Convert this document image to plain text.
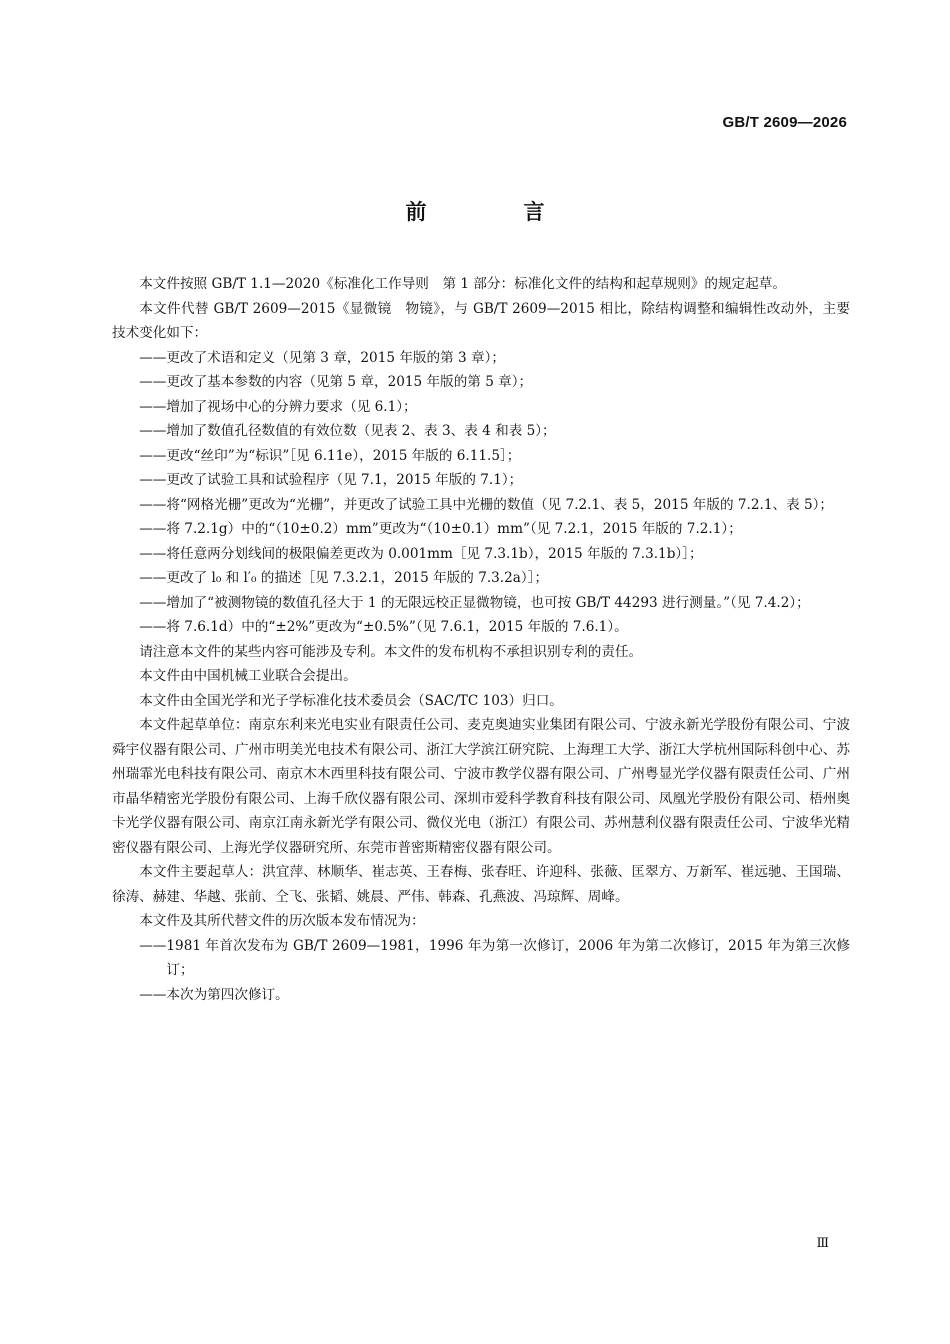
GB/T 2609—2026
前　言

本文件按照 GB/T 1.1—2020《标准化工作导则　第 1 部分：标准化文件的结构和起草规则》的规定起草。

本文件代替 GB/T 2609—2015《显微镜　物镜》，与 GB/T 2609—2015 相比，除结构调整和编辑性改动外，主要技术变化如下：

——更改了术语和定义（见第 3 章，2015 年版的第 3 章）；

——更改了基本参数的内容（见第 5 章，2015 年版的第 5 章）；

——增加了视场中心的分辨力要求（见 6.1）；

——增加了数值孔径数值的有效位数（见表 2、表 3、表 4 和表 5）；

——更改“丝印”为“标识”［见 6.11e），2015 年版的 6.11.5］；

——更改了试验工具和试验程序（见 7.1，2015 年版的 7.1）；

——将“网格光栅”更改为“光栅”，并更改了试验工具中光栅的数值（见 7.2.1、表 5，2015 年版的 7.2.1、表 5）；

——将 7.2.1g）中的“（10±0.2）mm”更改为“（10±0.1）mm”（见 7.2.1，2015 年版的 7.2.1）；

——将任意两分划线间的极限偏差更改为 0.001mm［见 7.3.1b），2015 年版的 7.3.1b）］；

——更改了 l₀ 和 l′₀ 的描述［见 7.3.2.1，2015 年版的 7.3.2a）］；

——增加了“被测物镜的数值孔径大于 1 的无限远校正显微物镜，也可按 GB/T 44293 进行测量。”（见 7.4.2）；

——将 7.6.1d）中的“±2%”更改为“±0.5%”（见 7.6.1，2015 年版的 7.6.1）。

请注意本文件的某些内容可能涉及专利。本文件的发布机构不承担识别专利的责任。

本文件由中国机械工业联合会提出。

本文件由全国光学和光子学标准化技术委员会（SAC/TC 103）归口。

本文件起草单位：南京东利来光电实业有限责任公司、麦克奥迪实业集团有限公司、宁波永新光学股份有限公司、宁波舜宇仪器有限公司、广州市明美光电技术有限公司、浙江大学滨江研究院、上海理工大学、浙江大学杭州国际科创中心、苏州瑞霏光电科技有限公司、南京木木西里科技有限公司、宁波市教学仪器有限公司、广州粤显光学仪器有限责任公司、广州市晶华精密光学股份有限公司、上海千欣仪器有限公司、深圳市爱科学教育科技有限公司、凤凰光学股份有限公司、梧州奥卡光学仪器有限公司、南京江南永新光学有限公司、微仪光电（浙江）有限公司、苏州慧利仪器有限责任公司、宁波华光精密仪器有限公司、上海光学仪器研究所、东莞市普密斯精密仪器有限公司。

本文件主要起草人：洪宜萍、林顺华、崔志英、王春梅、张春旺、许迎科、张薇、匡翠方、万新军、崔远驰、王国瑞、徐涛、赫建、华越、张前、仝飞、张韬、姚晨、严伟、韩森、孔燕波、冯琼辉、周峰。

本文件及其所代替文件的历次版本发布情况为：

——1981 年首次发布为 GB/T 2609—1981，1996 年为第一次修订，2006 年为第二次修订，2015 年为第三次修订；

——本次为第四次修订。

Ⅲ
